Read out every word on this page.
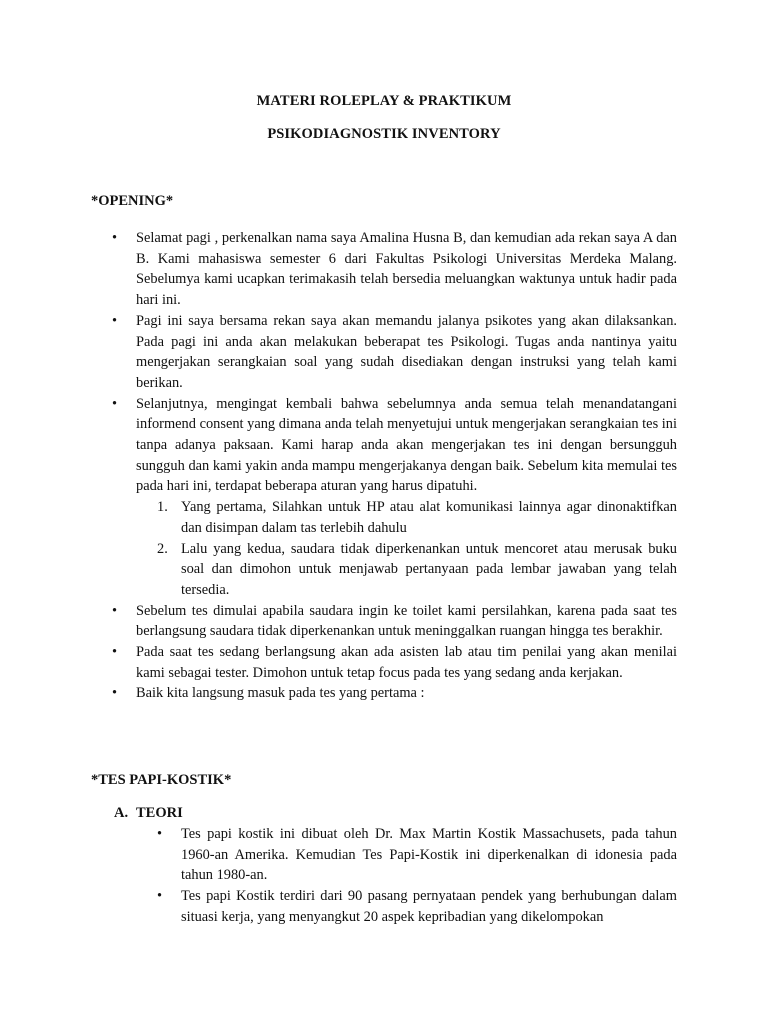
MATERI ROLEPLAY & PRAKTIKUM
PSIKODIAGNOSTIK INVENTORY
*OPENING*
• Selamat pagi , perkenalkan nama saya Amalina Husna B, dan kemudian ada rekan saya A dan B. Kami mahasiswa semester 6 dari Fakultas Psikologi Universitas Merdeka Malang. Sebelumya kami ucapkan terimakasih telah bersedia meluangkan waktunya untuk hadir pada hari ini.
• Pagi ini saya bersama rekan saya akan memandu jalanya psikotes yang akan dilaksankan. Pada pagi ini anda akan melakukan beberapat tes Psikologi. Tugas anda nantinya yaitu mengerjakan serangkaian soal yang sudah disediakan dengan instruksi yang telah kami berikan.
• Selanjutnya, mengingat kembali bahwa sebelumnya anda semua telah menandatangani informend consent yang dimana anda telah menyetujui untuk mengerjakan serangkaian tes ini tanpa adanya paksaan. Kami harap anda akan mengerjakan tes ini dengan bersungguh sungguh dan kami yakin anda mampu mengerjakanya dengan baik. Sebelum kita memulai tes pada hari ini, terdapat beberapa aturan yang harus dipatuhi.
1. Yang pertama, Silahkan untuk HP atau alat komunikasi lainnya agar dinonaktifkan dan disimpan dalam tas terlebih dahulu
2. Lalu yang kedua, saudara tidak diperkenankan untuk mencoret atau merusak buku soal dan dimohon untuk menjawab pertanyaan pada lembar jawaban yang telah tersedia.
• Sebelum tes dimulai apabila saudara ingin ke toilet kami persilahkan, karena pada saat tes berlangsung saudara tidak diperkenankan untuk meninggalkan ruangan hingga tes berakhir.
• Pada saat tes sedang berlangsung akan ada asisten lab atau tim penilai yang akan menilai kami sebagai tester. Dimohon untuk tetap focus pada tes yang sedang anda kerjakan.
• Baik kita langsung masuk pada tes yang pertama :
*TES PAPI-KOSTIK*
A. TEORI
• Tes papi kostik ini dibuat oleh Dr. Max Martin Kostik Massachusets, pada tahun 1960-an Amerika. Kemudian Tes Papi-Kostik ini diperkenalkan di idonesia pada tahun 1980-an.
• Tes papi Kostik terdiri dari 90 pasang pernyataan pendek yang berhubungan dalam situasi kerja, yang menyangkut 20 aspek kepribadian yang dikelompokan
